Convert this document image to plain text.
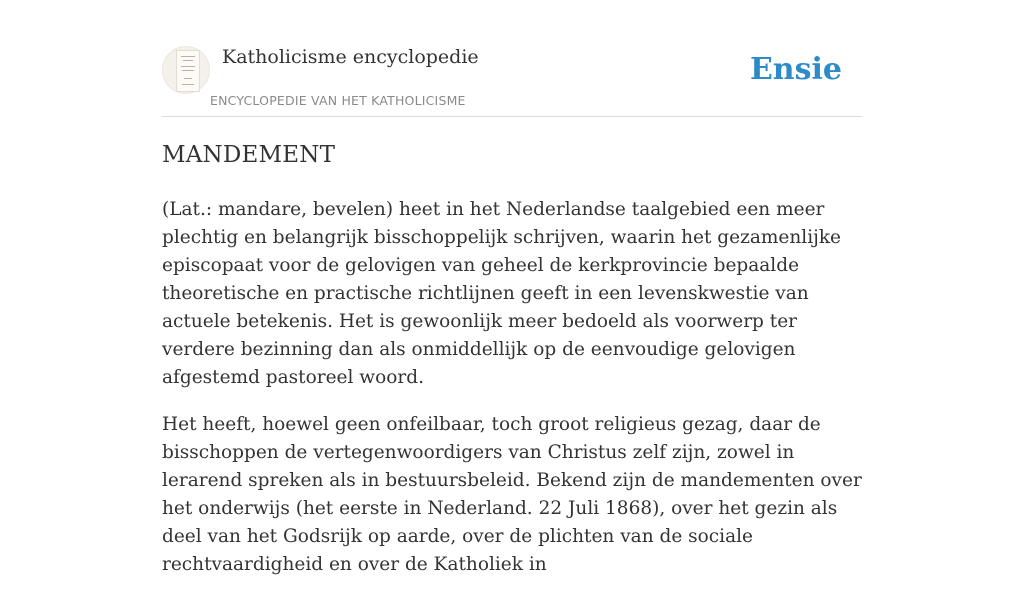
Katholicisme encyclopedie
ENCYCLOPEDIE VAN HET KATHOLICISME
Ensie
MANDEMENT

(Lat.: mandare, bevelen) heet in het Nederlandse taalgebied een meer plechtig en belangrijk bisschoppelijk schrijven, waarin het gezamenlijke episcopaat voor de gelovigen van geheel de kerkprovincie bepaalde theoretische en practische richtlijnen geeft in een levenskwestie van actuele betekenis. Het is gewoonlijk meer bedoeld als voorwerp ter verdere bezinning dan als onmiddellijk op de eenvoudige gelovigen afgestemd pastoreel woord.

Het heeft, hoewel geen onfeilbaar, toch groot religieus gezag, daar de bisschoppen de vertegenwoordigers van Christus zelf zijn, zowel in lerarend spreken als in bestuursbeleid. Bekend zijn de mandementen over het onderwijs (het eerste in Nederland. 22 Juli 1868), over het gezin als deel van het Godsrijk op aarde, over de plichten van de sociale rechtvaardigheid en over de Katholiek in
